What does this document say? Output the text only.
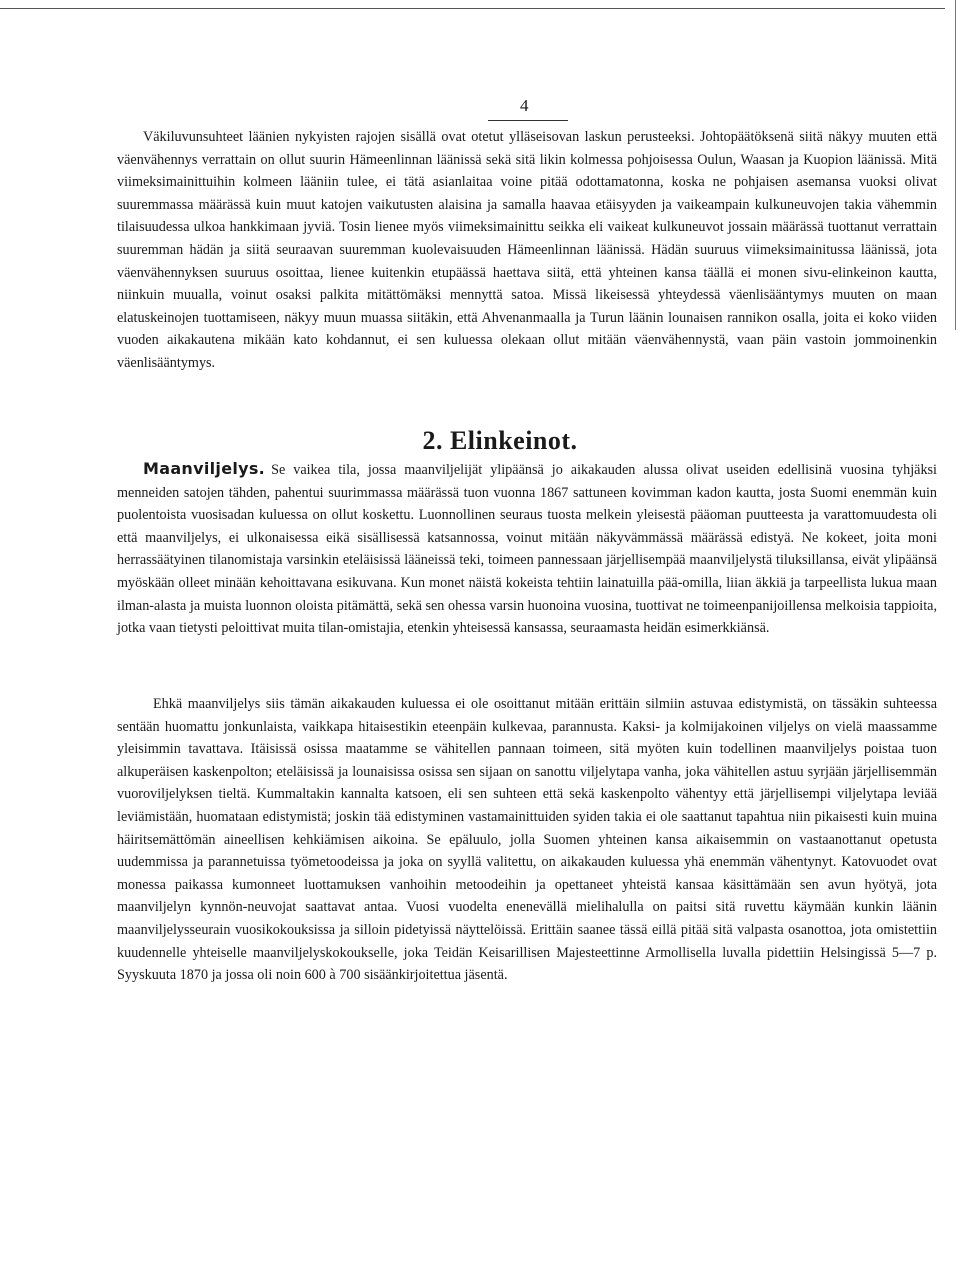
4
Väkiluvunsuhteet läänien nykyisten rajojen sisällä ovat otetut ylläseisovan laskun perusteeksi. Johtopäätöksenä siitä näkyy muuten että väenvähennys verrattain on ollut suurin Hämeenlinnan läänissä sekä sitä likin kolmessa pohjoisessa Oulun, Waasan ja Kuopion läänissä. Mitä viimeksimainittuihin kolmeen lääniin tulee, ei tätä asianlaitaa voine pitää odottamatonna, koska ne pohjaisen asemansa vuoksi olivat suuremmassa määrässä kuin muut katojen vaikutusten alaisina ja samalla haavaa etäisyyden ja vaikeampain kulkuneuvojen takia vähemmin tilaisuudessa ulkoa hankkimaan jyviä. Tosin lienee myös viimeksimainittu seikka eli vaikeat kulkuneuvot jossain määrässä tuottanut verrattain suuremman hädän ja siitä seuraavan suuremman kuolevaisuuden Hämeenlinnan läänissä. Hädän suuruus viimeksimainitussa läänissä, jota väenvähennyksen suuruus osoittaa, lienee kuitenkin etupäässä haettava siitä, että yhteinen kansa täällä ei monen sivu-elinkeinon kautta, niinkuin muualla, voinut osaksi palkita mitättömäksi mennyttä satoa. Missä likeisessä yhteydessä väenlisääntymys muuten on maan elatuskeinojen tuottamiseen, näkyy muun muassa siitäkin, että Ahvenanmaalla ja Turun läänin lounaisen rannikon osalla, joita ei koko viiden vuoden aikakautena mikään kato kohdannut, ei sen kuluessa olekaan ollut mitään väenvähennystä, vaan päin vastoin jommoinenkin väenlisääntymys.
2. Elinkeinot.
Maanviljelys. Se vaikea tila, jossa maanviljelijät ylipäänsä jo aikakauden alussa olivat useiden edellisinä vuosina tyhjäksi menneiden satojen tähden, pahentui suurimmassa määrässä tuon vuonna 1867 sattuneen kovimman kadon kautta, josta Suomi enemmän kuin puolentoista vuosisadan kuluessa on ollut koskettu. Luonnollinen seuraus tuosta melkein yleisestä pääoman puutteesta ja varattomuudesta oli että maanviljelys, ei ulkonaisessa eikä sisällisessä katsannossa, voinut mitään näkyvämmässä määrässä edistyä. Ne kokeet, joita moni herrassäätyinen tilanomistaja varsinkin eteläisissä lääneissä teki, toimeen pannessaan järjellisempää maanviljelystä tiluksillansa, eivät ylipäänsä myöskään olleet minään kehoittavana esikuvana. Kun monet näistä kokeista tehtiin lainatuilla pää-omilla, liian äkkiä ja tarpeellista lukua maan ilman-alasta ja muista luonnon oloista pitämättä, sekä sen ohessa varsin huonoina vuosina, tuottivat ne toimeenpanijoillensa melkoisia tappioita, jotka vaan tietysti peloittivat muita tilan-omistajia, etenkin yhteisessä kansassa, seuraamasta heidän esimerkkiänsä.
Ehkä maanviljelys siis tämän aikakauden kuluessa ei ole osoittanut mitään erittäin silmiin astuvaa edistymistä, on tässäkin suhteessa sentään huomattu jonkunlaista, vaikkapa hitaisestikin eteenpäin kulkevaa, parannusta. Kaksi- ja kolmijakoinen viljelys on vielä maassamme yleisimmin tavattava. Itäisissä osissa maatamme se vähitellen pannaan toimeen, sitä myöten kuin todellinen maanviljelys poistaa tuon alkuperäisen kaskenpolton; eteläisissä ja lounaisissa osissa sen sijaan on sanottu viljelytapa vanha, joka vähitellen astuu syrjään järjellisemmän vuoroviljelyksen tieltä. Kummaltakin kannalta katsoen, eli sen suhteen että sekä kaskenpolto vähentyy että järjellisempi viljelytapa leviää leviämistään, huomataan edistymistä; joskin tää edistyminen vastamainittuiden syiden takia ei ole saattanut tapahtua niin pikaisesti kuin muina häiritsemättömän aineellisen kehkiämisen aikoina. Se epäluulo, jolla Suomen yhteinen kansa aikaisemmin on vastaanottanut opetusta uudemmissa ja parannetuissa työmetoodeissa ja joka on syyllä valitettu, on aikakauden kuluessa yhä enemmän vähentynyt. Katovuodet ovat monessa paikassa kumonneet luottamuksen vanhoihin metoodeihin ja opettaneet yhteistä kansaa käsittämään sen avun hyötyä, jota maanviljelyn kynnön-neuvojat saattavat antaa. Vuosi vuodelta enenevällä mielihalulla on paitsi sitä ruvettu käymään kunkin läänin maanviljelysseurain vuosikokouksissa ja silloin pidetyissä näyttelöissä. Erittäin saanee tässä eillä pitää sitä valpasta osanottoa, jota omistettiin kuudennelle yhteiselle maanviljelyskokoukselle, joka Teidän Keisarillisen Majesteettinne Armollisella luvalla pidettiin Helsingissä 5—7 p. Syyskuuta 1870 ja jossa oli noin 600 à 700 sisäänkirjoitettua jäsentä.
